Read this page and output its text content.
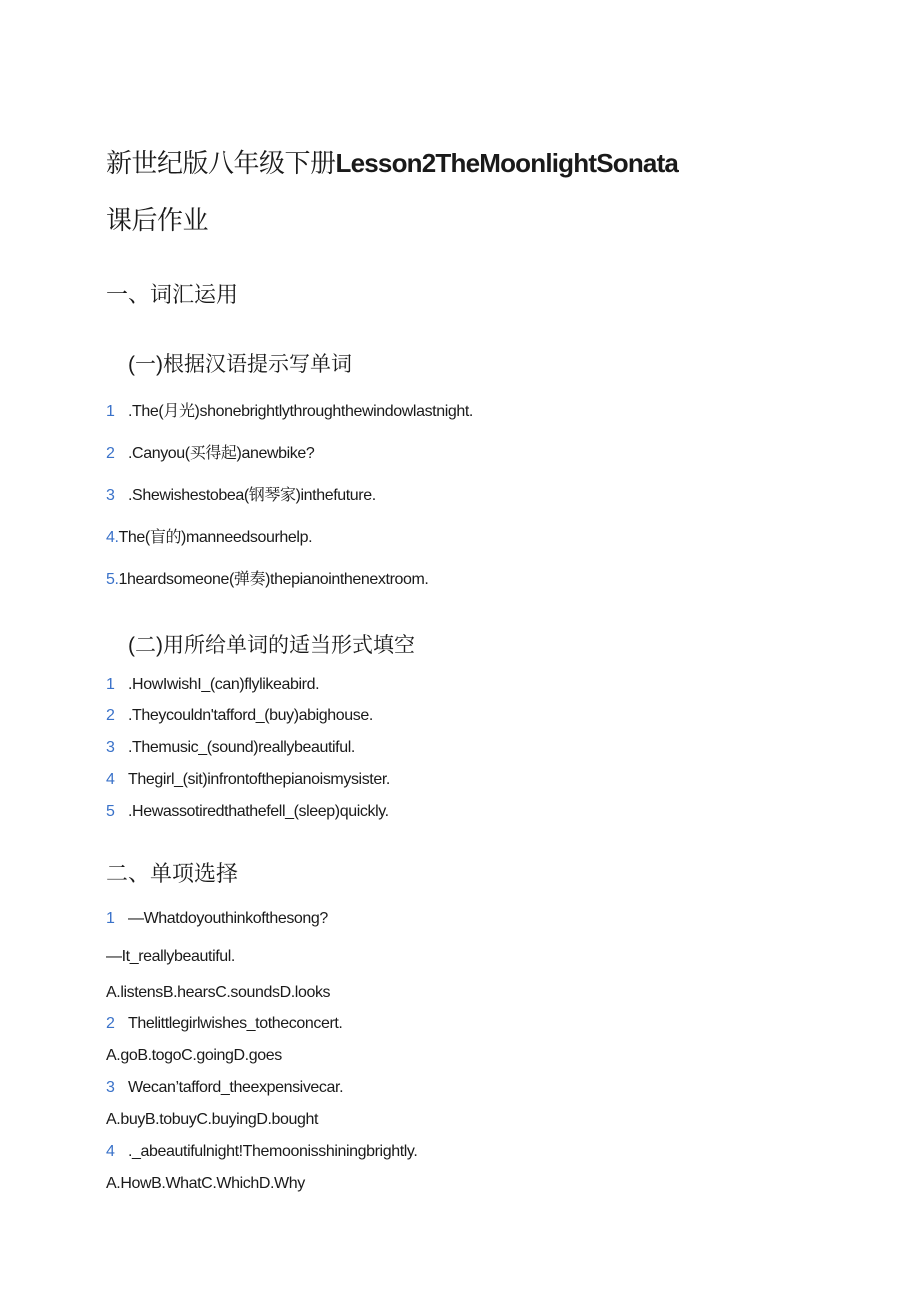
新世纪版八年级下册Lesson2TheMoonlightSonata
课后作业
一、词汇运用
(一)根据汉语提示写单词
1 .The(月光)shonebrightlythroughthewindowlastnight.
2 .Canyou(买得起)anewbike?
3 .Shewishestobea(钢琴家)inthefuture.
4.The(盲的)manneedsourhelp.
5.1heardsomeone(弹奏)thepianointhenextroom.
(二)用所给单词的适当形式填空
1 .HowIwishI_(can)flylikeabird.
2 .Theycouldn'tafford_(buy)abighouse.
3 .Themusic_(sound)reallybeautiful.
4 Thegirl_(sit)infrontofthepianoismysister.
5 .Hewassotiredthathefell_(sleep)quickly.
二、单项选择
1 —Whatdoyouthinkofthesong?
—It_reallybeautiful.
A.listensB.hearsC.soundsD.looks
2 Thelittlegirlwishes_totheconcert.
A.goB.togoC.goingD.goes
3 Wecan’tafford_theexpensivecar.
A.buyB.tobuyC.buyingD.bought
4 ._abeautifulnight!Themoonisshiningbrightly.
A.HowB.WhatC.WhichD.Why
